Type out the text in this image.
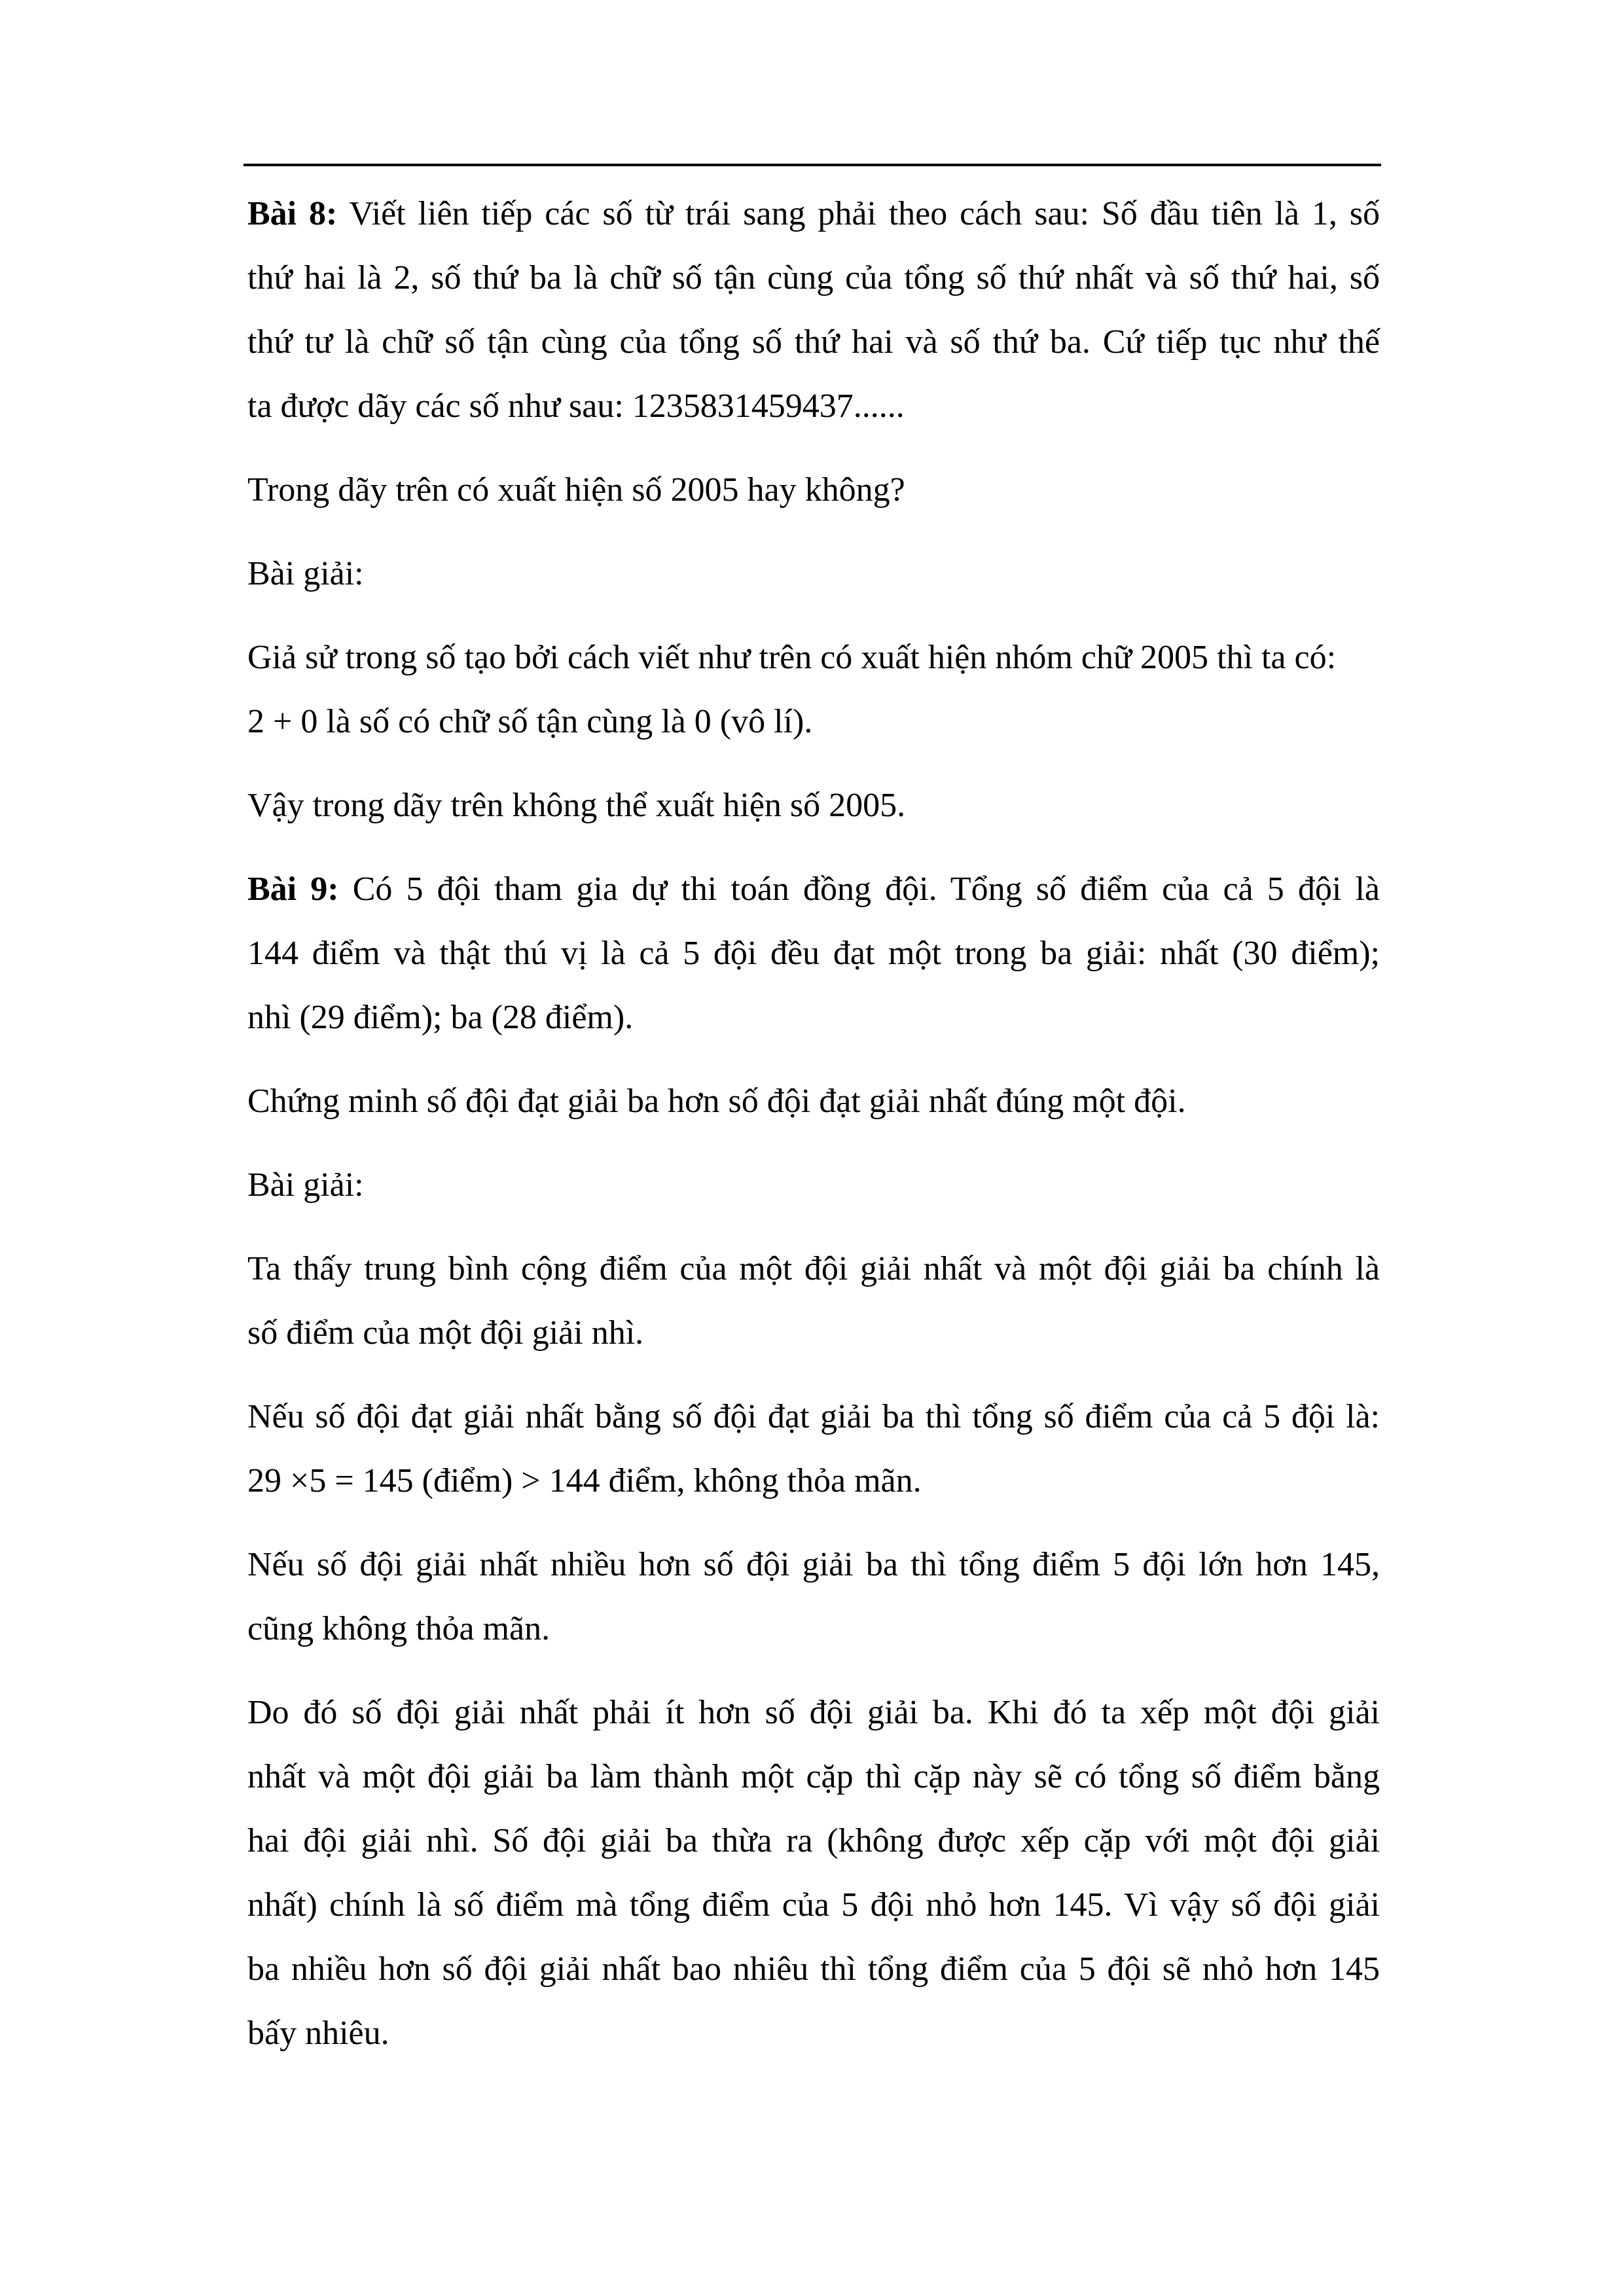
Bài 8: Viết liên tiếp các số từ trái sang phải theo cách sau: Số đầu tiên là 1, số
thứ hai là 2, số thứ ba là chữ số tận cùng của tổng số thứ nhất và số thứ hai, số
thứ tư là chữ số tận cùng của tổng số thứ hai và số thứ ba. Cứ tiếp tục như thế
ta được dãy các số như sau: 1235831459437......
Trong dãy trên có xuất hiện số 2005 hay không?
Bài giải:
Giả sử trong số tạo bởi cách viết như trên có xuất hiện nhóm chữ 2005 thì ta có:
2 + 0 là số có chữ số tận cùng là 0 (vô lí).
Vậy trong dãy trên không thể xuất hiện số 2005.
Bài 9: Có 5 đội tham gia dự thi toán đồng đội. Tổng số điểm của cả 5 đội là
144 điểm và thật thú vị là cả 5 đội đều đạt một trong ba giải: nhất (30 điểm);
nhì (29 điểm); ba (28 điểm).
Chứng minh số đội đạt giải ba hơn số đội đạt giải nhất đúng một đội.
Bài giải:
Ta thấy trung bình cộng điểm của một đội giải nhất và một đội giải ba chính là
số điểm của một đội giải nhì.
Nếu số đội đạt giải nhất bằng số đội đạt giải ba thì tổng số điểm của cả 5 đội là:
29 ×5 = 145 (điểm) > 144 điểm, không thỏa mãn.
Nếu số đội giải nhất nhiều hơn số đội giải ba thì tổng điểm 5 đội lớn hơn 145,
cũng không thỏa mãn.
Do đó số đội giải nhất phải ít hơn số đội giải ba. Khi đó ta xếp một đội giải
nhất và một đội giải ba làm thành một cặp thì cặp này sẽ có tổng số điểm bằng
hai đội giải nhì. Số đội giải ba thừa ra (không được xếp cặp với một đội giải
nhất) chính là số điểm mà tổng điểm của 5 đội nhỏ hơn 145. Vì vậy số đội giải
ba nhiều hơn số đội giải nhất bao nhiêu thì tổng điểm của 5 đội sẽ nhỏ hơn 145
bấy nhiêu.
